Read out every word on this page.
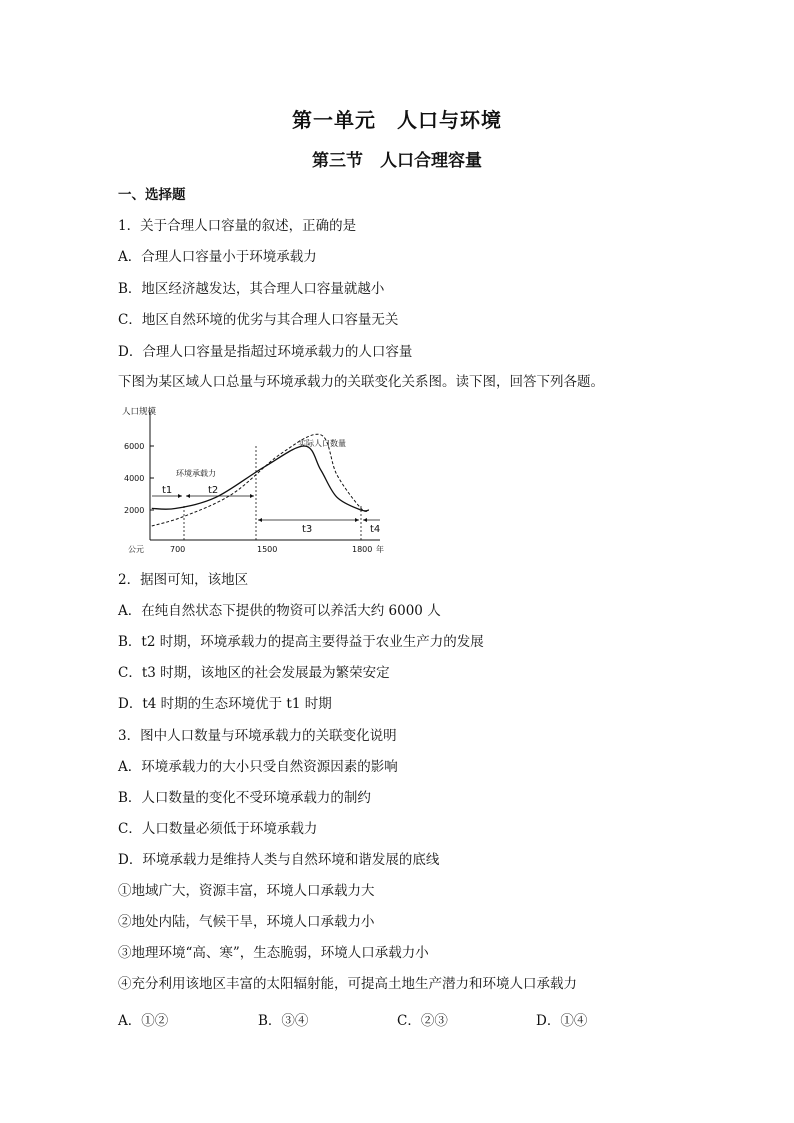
第一单元　人口与环境
第三节　人口合理容量
一、选择题
1．关于合理人口容量的叙述，正确的是
A．合理人口容量小于环境承载力
B．地区经济越发达，其合理人口容量就越小
C．地区自然环境的优劣与其合理人口容量无关
D．合理人口容量是指超过环境承载力的人口容量
下图为某区域人口总量与环境承载力的关联变化关系图。读下图，回答下列各题。
人口规模
6000
4000
2000
公元	700	1500	1800 年
环境承载力
实际人口数量
t1	t2
t3	t4
2．据图可知，该地区
A．在纯自然状态下提供的物资可以养活大约 6000 人
B．t2 时期，环境承载力的提高主要得益于农业生产力的发展
C．t3 时期，该地区的社会发展最为繁荣安定
D．t4 时期的生态环境优于 t1 时期
3．图中人口数量与环境承载力的关联变化说明
A．环境承载力的大小只受自然资源因素的影响
B．人口数量的变化不受环境承载力的制约
C．人口数量必须低于环境承载力
D．环境承载力是维持人类与自然环境和谐发展的底线
①地域广大，资源丰富，环境人口承载力大
②地处内陆，气候干旱，环境人口承载力小
③地理环境“高、寒”，生态脆弱，环境人口承载力小
④充分利用该地区丰富的太阳辐射能，可提高土地生产潜力和环境人口承载力
A．①②	B．③④	C．②③	D．①④
